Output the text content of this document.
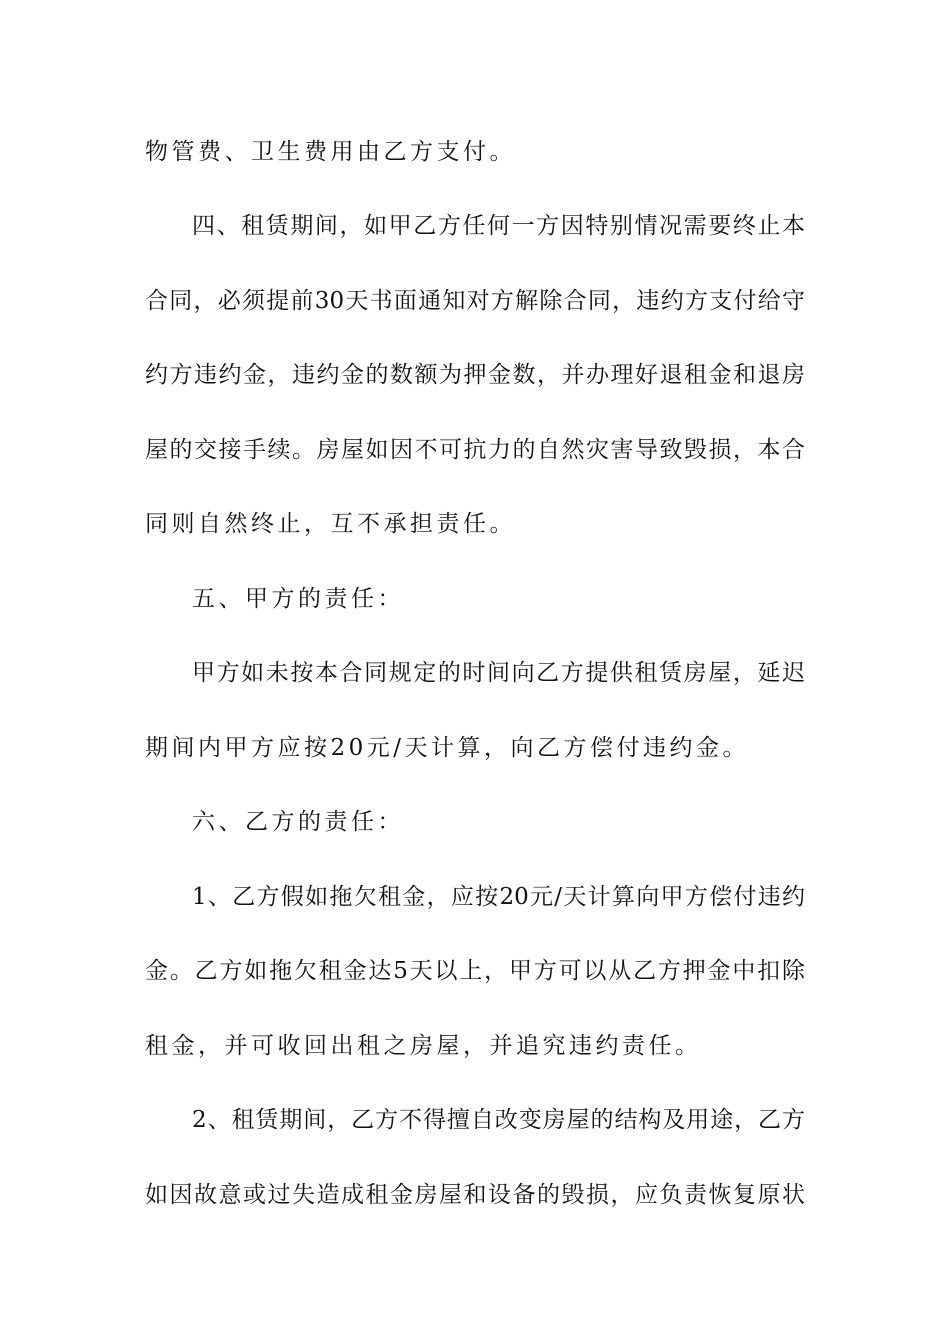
物管费、卫生费用由乙方支付。
四、租赁期间，如甲乙方任何一方因特别情况需要终止本
合同，必须提前30天书面通知对方解除合同，违约方支付给守
约方违约金，违约金的数额为押金数，并办理好退租金和退房
屋的交接手续。房屋如因不可抗力的自然灾害导致毁损，本合
同则自然终止，互不承担责任。
五、甲方的责任：
甲方如未按本合同规定的时间向乙方提供租赁房屋，延迟
期间内甲方应按20元/天计算，向乙方偿付违约金。
六、乙方的责任：
1、乙方假如拖欠租金，应按20元/天计算向甲方偿付违约
金。乙方如拖欠租金达5天以上，甲方可以从乙方押金中扣除
租金，并可收回出租之房屋，并追究违约责任。
2、租赁期间，乙方不得擅自改变房屋的结构及用途，乙方
如因故意或过失造成租金房屋和设备的毁损，应负责恢复原状
